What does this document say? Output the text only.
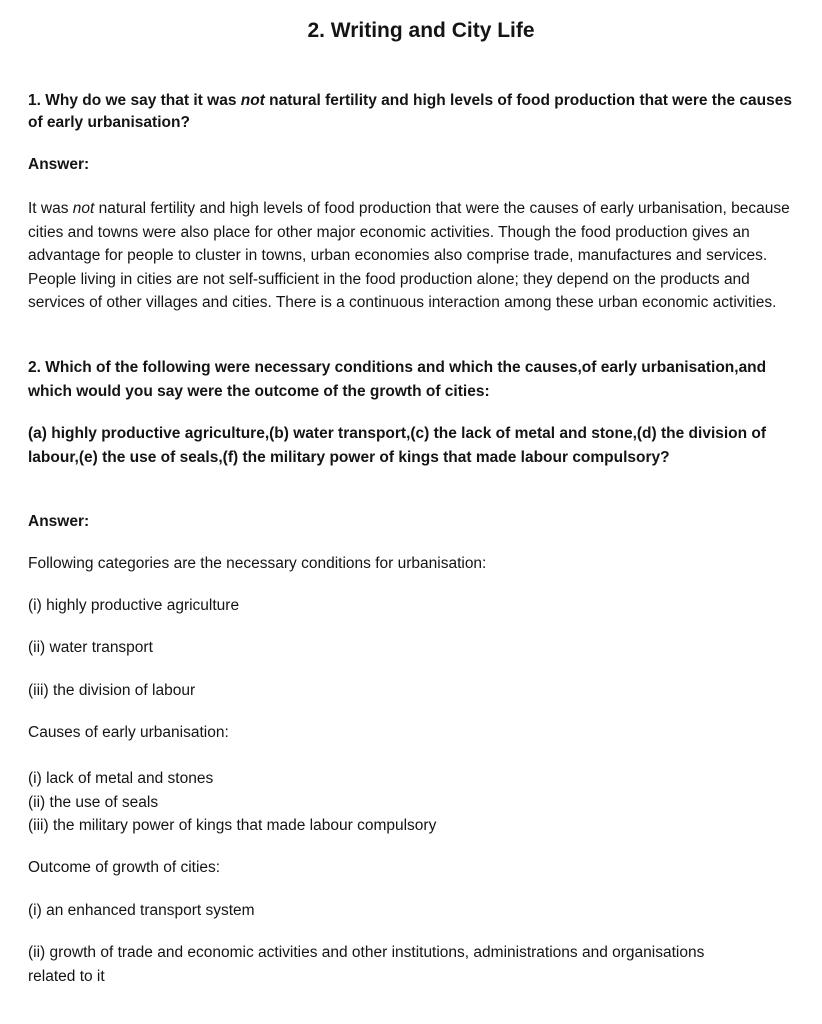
2. Writing and City Life

1. Why do we say that it was not natural fertility and high levels of food production that were the causes of early urbanisation?

Answer:

It was not natural fertility and high levels of food production that were the causes of early urbanisation, because cities and towns were also place for other major economic activities. Though the food production gives an advantage for people to cluster in towns, urban economies also comprise trade, manufactures and services. People living in cities are not self-sufficient in the food production alone; they depend on the products and services of other villages and cities. There is a continuous interaction among these urban economic activities.

2. Which of the following were necessary conditions and which the causes,of early urbanisation,and which would you say were the outcome of the growth of cities:

(a) highly productive agriculture,(b) water transport,(c) the lack of metal and stone,(d) the division of labour,(e) the use of seals,(f) the military power of kings that made labour compulsory?

Answer:

Following categories are the necessary conditions for urbanisation:

(i) highly productive agriculture

(ii) water transport

(iii) the division of labour

Causes of early urbanisation:

(i) lack of metal and stones

(ii) the use of seals

(iii) the military power of kings that made labour compulsory

Outcome of growth of cities:

(i) an enhanced transport system

(ii) growth of trade and economic activities and other institutions, administrations and organisations related to it
